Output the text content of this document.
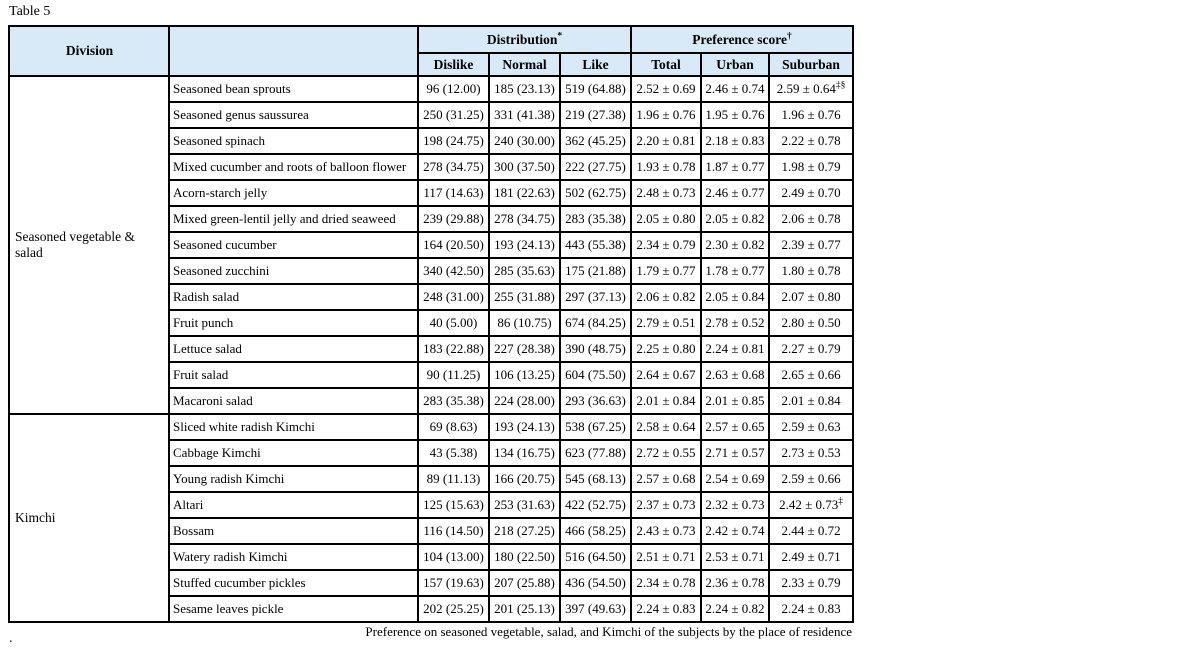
Table 5
Division		Distribution*			Preference score†
		Dislike	Normal	Like	Total	Urban	Suburban
Seasoned vegetable & salad	Seasoned bean sprouts	96 (12.00)	185 (23.13)	519 (64.88)	2.52 ± 0.69	2.46 ± 0.74	2.59 ± 0.64‡§
	Seasoned genus saussurea	250 (31.25)	331 (41.38)	219 (27.38)	1.96 ± 0.76	1.95 ± 0.76	1.96 ± 0.76
	Seasoned spinach	198 (24.75)	240 (30.00)	362 (45.25)	2.20 ± 0.81	2.18 ± 0.83	2.22 ± 0.78
	Mixed cucumber and roots of balloon flower	278 (34.75)	300 (37.50)	222 (27.75)	1.93 ± 0.78	1.87 ± 0.77	1.98 ± 0.79
	Acorn-starch jelly	117 (14.63)	181 (22.63)	502 (62.75)	2.48 ± 0.73	2.46 ± 0.77	2.49 ± 0.70
	Mixed green-lentil jelly and dried seaweed	239 (29.88)	278 (34.75)	283 (35.38)	2.05 ± 0.80	2.05 ± 0.82	2.06 ± 0.78
	Seasoned cucumber	164 (20.50)	193 (24.13)	443 (55.38)	2.34 ± 0.79	2.30 ± 0.82	2.39 ± 0.77
	Seasoned zucchini	340 (42.50)	285 (35.63)	175 (21.88)	1.79 ± 0.77	1.78 ± 0.77	1.80 ± 0.78
	Radish salad	248 (31.00)	255 (31.88)	297 (37.13)	2.06 ± 0.82	2.05 ± 0.84	2.07 ± 0.80
	Fruit punch	40 (5.00)	86 (10.75)	674 (84.25)	2.79 ± 0.51	2.78 ± 0.52	2.80 ± 0.50
	Lettuce salad	183 (22.88)	227 (28.38)	390 (48.75)	2.25 ± 0.80	2.24 ± 0.81	2.27 ± 0.79
	Fruit salad	90 (11.25)	106 (13.25)	604 (75.50)	2.64 ± 0.67	2.63 ± 0.68	2.65 ± 0.66
	Macaroni salad	283 (35.38)	224 (28.00)	293 (36.63)	2.01 ± 0.84	2.01 ± 0.85	2.01 ± 0.84
Kimchi	Sliced white radish Kimchi	69 (8.63)	193 (24.13)	538 (67.25)	2.58 ± 0.64	2.57 ± 0.65	2.59 ± 0.63
	Cabbage Kimchi	43 (5.38)	134 (16.75)	623 (77.88)	2.72 ± 0.55	2.71 ± 0.57	2.73 ± 0.53
	Young radish Kimchi	89 (11.13)	166 (20.75)	545 (68.13)	2.57 ± 0.68	2.54 ± 0.69	2.59 ± 0.66
	Altari	125 (15.63)	253 (31.63)	422 (52.75)	2.37 ± 0.73	2.32 ± 0.73	2.42 ± 0.73‡
	Bossam	116 (14.50)	218 (27.25)	466 (58.25)	2.43 ± 0.73	2.42 ± 0.74	2.44 ± 0.72
	Watery radish Kimchi	104 (13.00)	180 (22.50)	516 (64.50)	2.51 ± 0.71	2.53 ± 0.71	2.49 ± 0.71
	Stuffed cucumber pickles	157 (19.63)	207 (25.88)	436 (54.50)	2.34 ± 0.78	2.36 ± 0.78	2.33 ± 0.79
	Sesame leaves pickle	202 (25.25)	201 (25.13)	397 (49.63)	2.24 ± 0.83	2.24 ± 0.82	2.24 ± 0.83
Preference on seasoned vegetable, salad, and Kimchi of the subjects by the place of residence
.
